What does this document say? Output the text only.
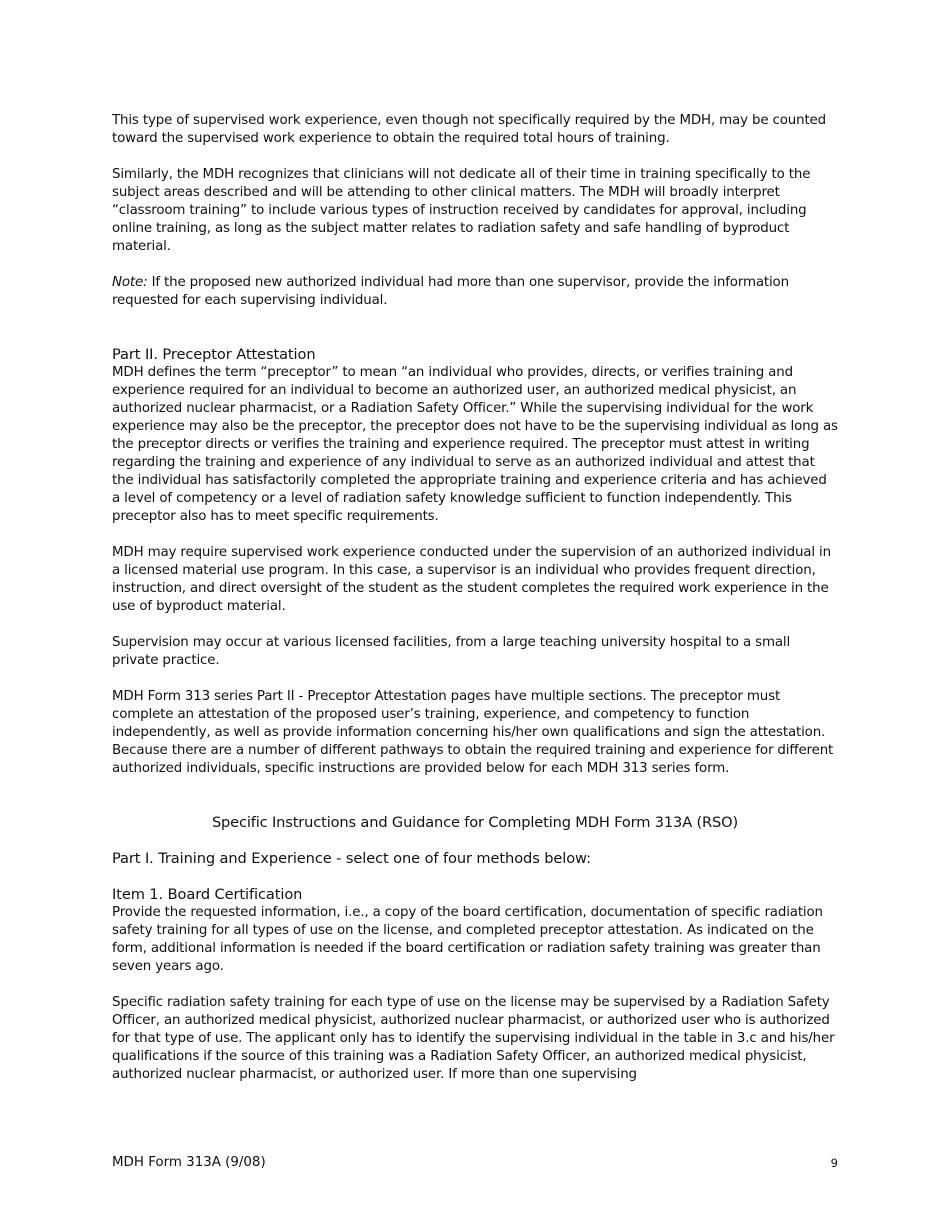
This type of supervised work experience, even though not specifically required by the MDH, may be counted toward the supervised work experience to obtain the required total hours of training.

Similarly, the MDH recognizes that clinicians will not dedicate all of their time in training specifically to the subject areas described and will be attending to other clinical matters. The MDH will broadly interpret “classroom training” to include various types of instruction received by candidates for approval, including online training, as long as the subject matter relates to radiation safety and safe handling of byproduct material.

Note: If the proposed new authorized individual had more than one supervisor, provide the information requested for each supervising individual.

Part II. Preceptor Attestation

MDH defines the term “preceptor” to mean “an individual who provides, directs, or verifies training and experience required for an individual to become an authorized user, an authorized medical physicist, an authorized nuclear pharmacist, or a Radiation Safety Officer.” While the supervising individual for the work experience may also be the preceptor, the preceptor does not have to be the supervising individual as long as the preceptor directs or verifies the training and experience required. The preceptor must attest in writing regarding the training and experience of any individual to serve as an authorized individual and attest that the individual has satisfactorily completed the appropriate training and experience criteria and has achieved a level of competency or a level of radiation safety knowledge sufficient to function independently. This preceptor also has to meet specific requirements.

MDH may require supervised work experience conducted under the supervision of an authorized individual in a licensed material use program. In this case, a supervisor is an individual who provides frequent direction, instruction, and direct oversight of the student as the student completes the required work experience in the use of byproduct material.

Supervision may occur at various licensed facilities, from a large teaching university hospital to a small private practice.

MDH Form 313 series Part II - Preceptor Attestation pages have multiple sections. The preceptor must complete an attestation of the proposed user’s training, experience, and competency to function independently, as well as provide information concerning his/her own qualifications and sign the attestation. Because there are a number of different pathways to obtain the required training and experience for different authorized individuals, specific instructions are provided below for each MDH 313 series form.

Specific Instructions and Guidance for Completing MDH Form 313A (RSO)

Part I. Training and Experience - select one of four methods below:

Item 1. Board Certification

Provide the requested information, i.e., a copy of the board certification, documentation of specific radiation safety training for all types of use on the license, and completed preceptor attestation. As indicated on the form, additional information is needed if the board certification or radiation safety training was greater than seven years ago.

Specific radiation safety training for each type of use on the license may be supervised by a Radiation Safety Officer, an authorized medical physicist, authorized nuclear pharmacist, or authorized user who is authorized for that type of use. The applicant only has to identify the supervising individual in the table in 3.c and his/her qualifications if the source of this training was a Radiation Safety Officer, an authorized medical physicist, authorized nuclear pharmacist, or authorized user. If more than one supervising

MDH Form 313A (9/08)	9
